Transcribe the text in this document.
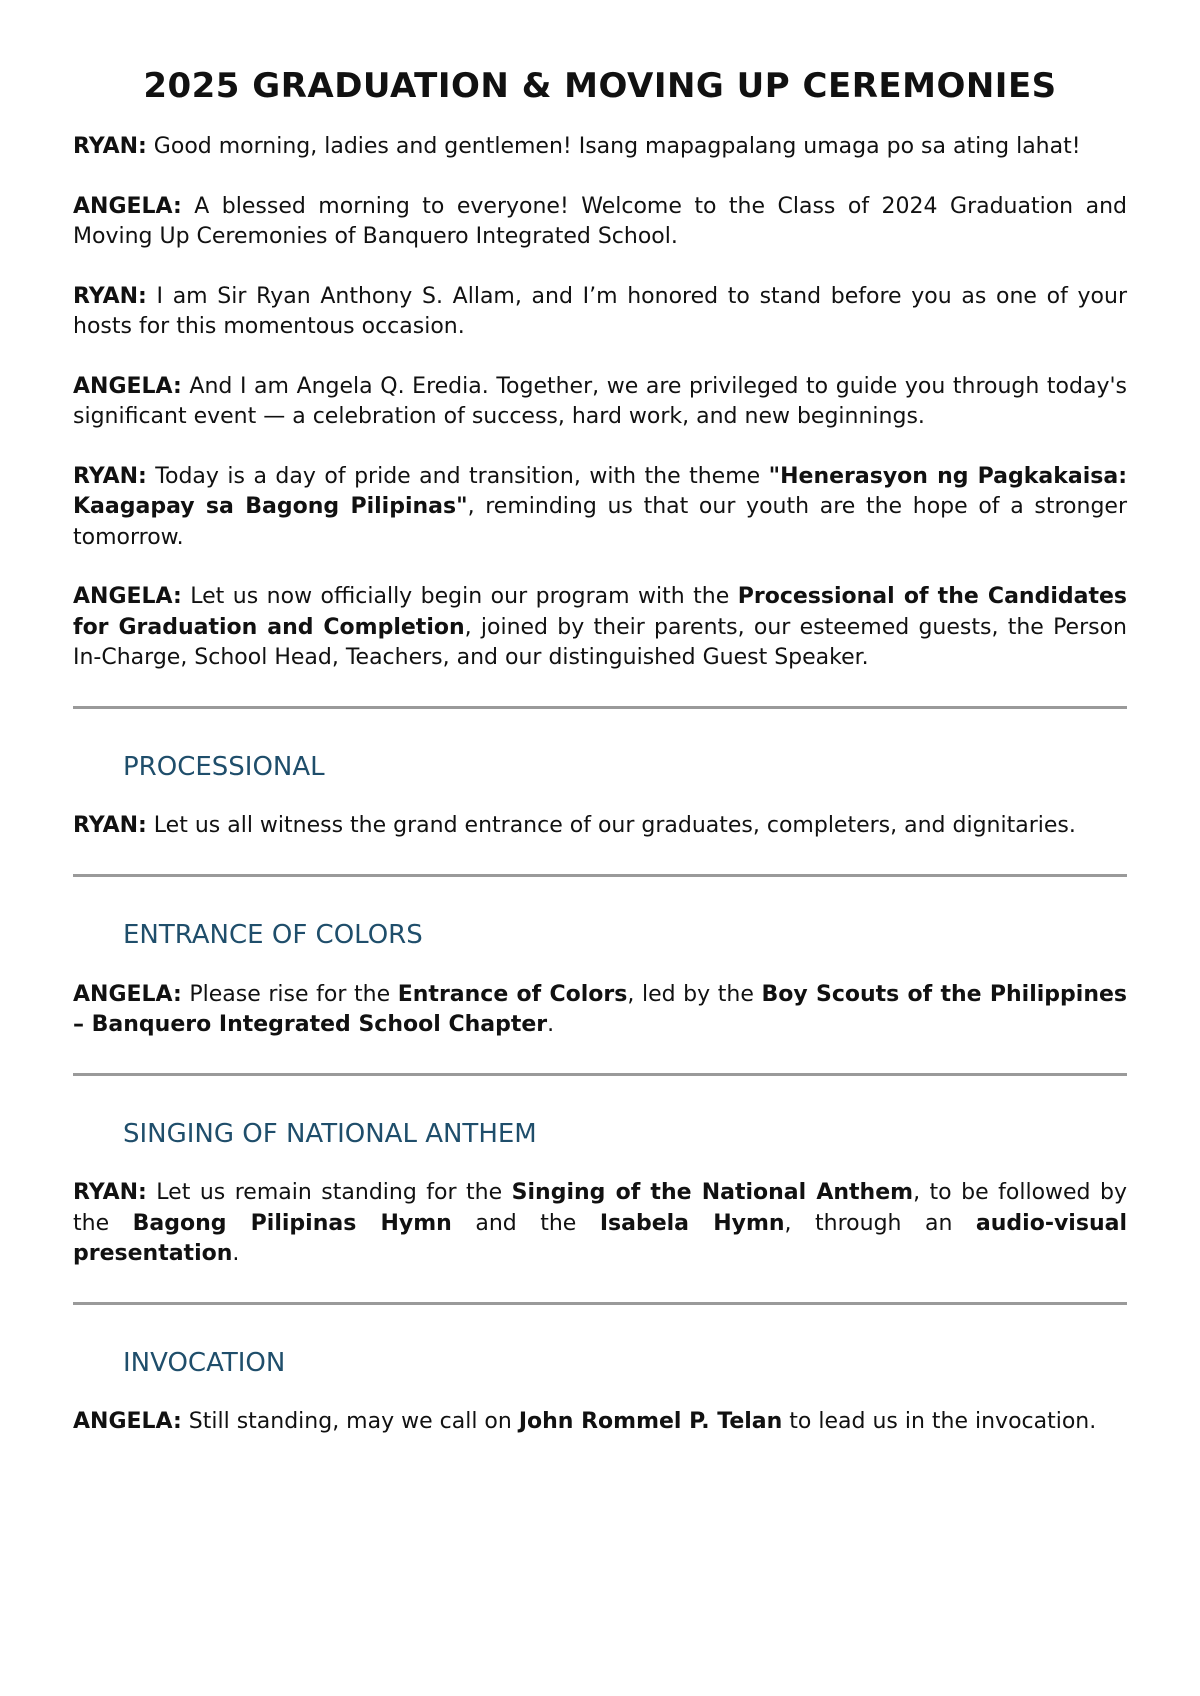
2025 GRADUATION & MOVING UP CEREMONIES

RYAN: Good morning, ladies and gentlemen! Isang mapagpalang umaga po sa ating lahat!

ANGELA: A blessed morning to everyone! Welcome to the Class of 2024 Graduation and Moving Up Ceremonies of Banquero Integrated School.

RYAN: I am Sir Ryan Anthony S. Allam, and I’m honored to stand before you as one of your hosts for this momentous occasion.

ANGELA: And I am Angela Q. Eredia. Together, we are privileged to guide you through today's significant event — a celebration of success, hard work, and new beginnings.

RYAN: Today is a day of pride and transition, with the theme "Henerasyon ng Pagkakaisa: Kaagapay sa Bagong Pilipinas", reminding us that our youth are the hope of a stronger tomorrow.

ANGELA: Let us now officially begin our program with the Processional of the Candidates for Graduation and Completion, joined by their parents, our esteemed guests, the Person In-Charge, School Head, Teachers, and our distinguished Guest Speaker.

PROCESSIONAL

RYAN: Let us all witness the grand entrance of our graduates, completers, and dignitaries.

ENTRANCE OF COLORS

ANGELA: Please rise for the Entrance of Colors, led by the Boy Scouts of the Philippines – Banquero Integrated School Chapter.

SINGING OF NATIONAL ANTHEM

RYAN: Let us remain standing for the Singing of the National Anthem, to be followed by the Bagong Pilipinas Hymn and the Isabela Hymn, through an audio-visual presentation.

INVOCATION

ANGELA: Still standing, may we call on John Rommel P. Telan to lead us in the invocation.
